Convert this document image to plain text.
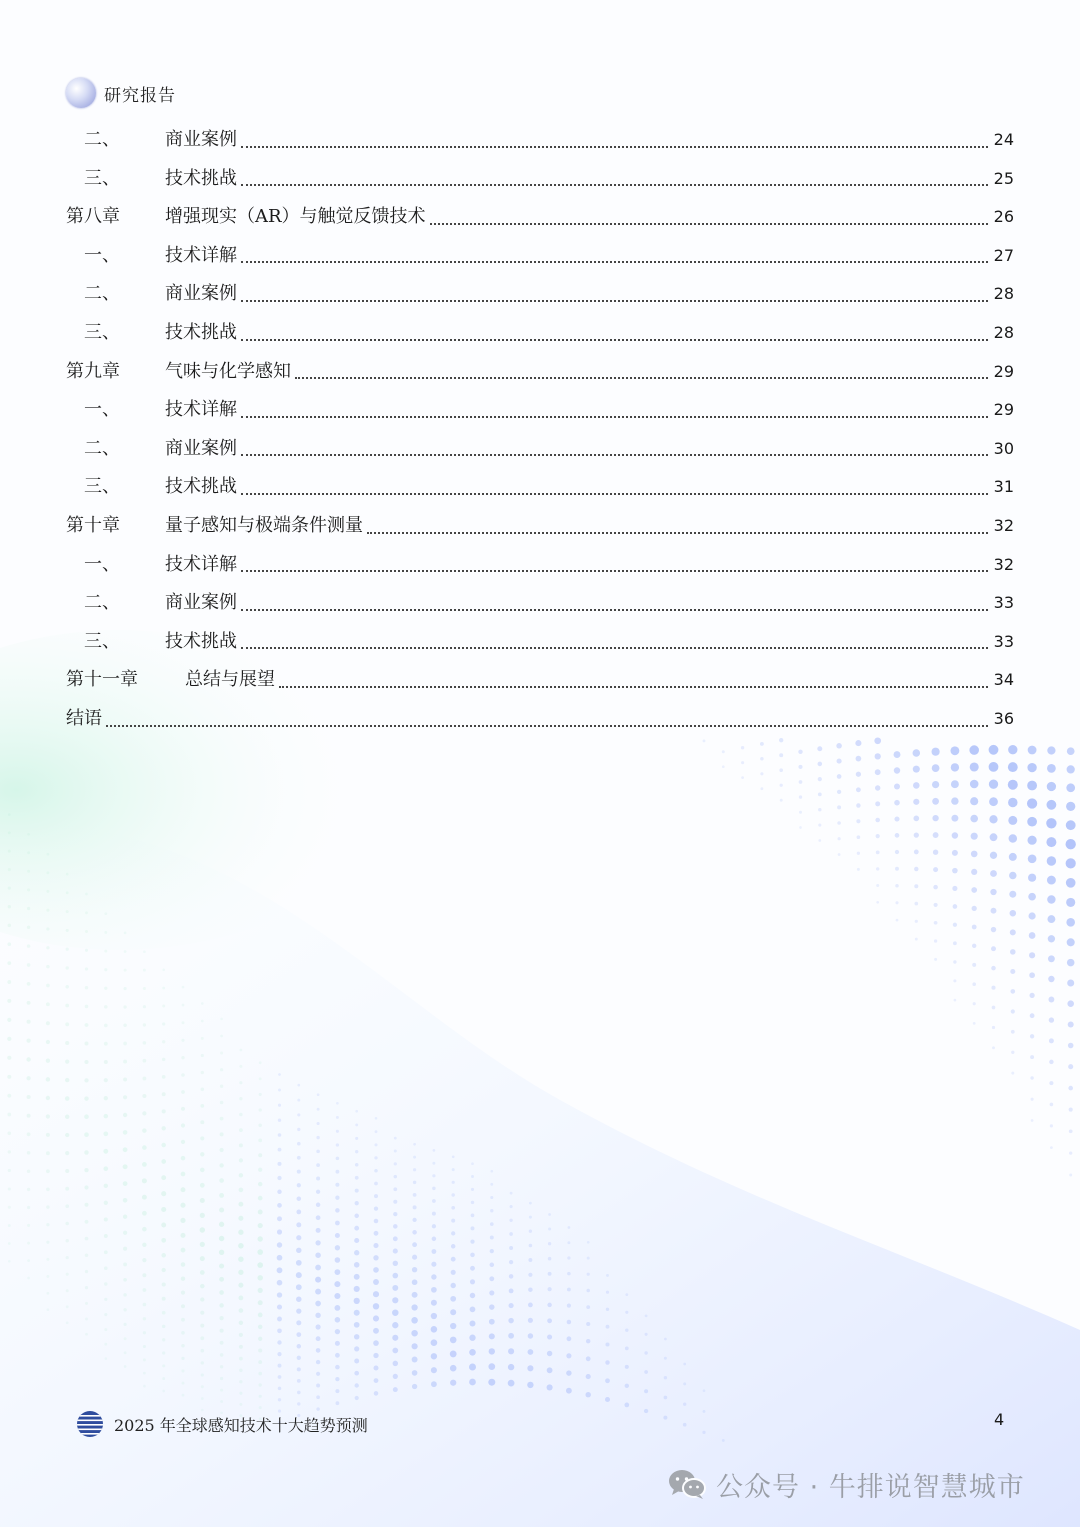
研究报告
二、	商业案例	24
三、	技术挑战	25
第八章	增强现实（AR）与触觉反馈技术	26
一、	技术详解	27
二、	商业案例	28
三、	技术挑战	28
第九章	气味与化学感知	29
一、	技术详解	29
二、	商业案例	30
三、	技术挑战	31
第十章	量子感知与极端条件测量	32
一、	技术详解	32
二、	商业案例	33
三、	技术挑战	33
第十一章	总结与展望	34
结语	36
2025 年全球感知技术十大趋势预测	4
公众号 · 牛排说智慧城市
